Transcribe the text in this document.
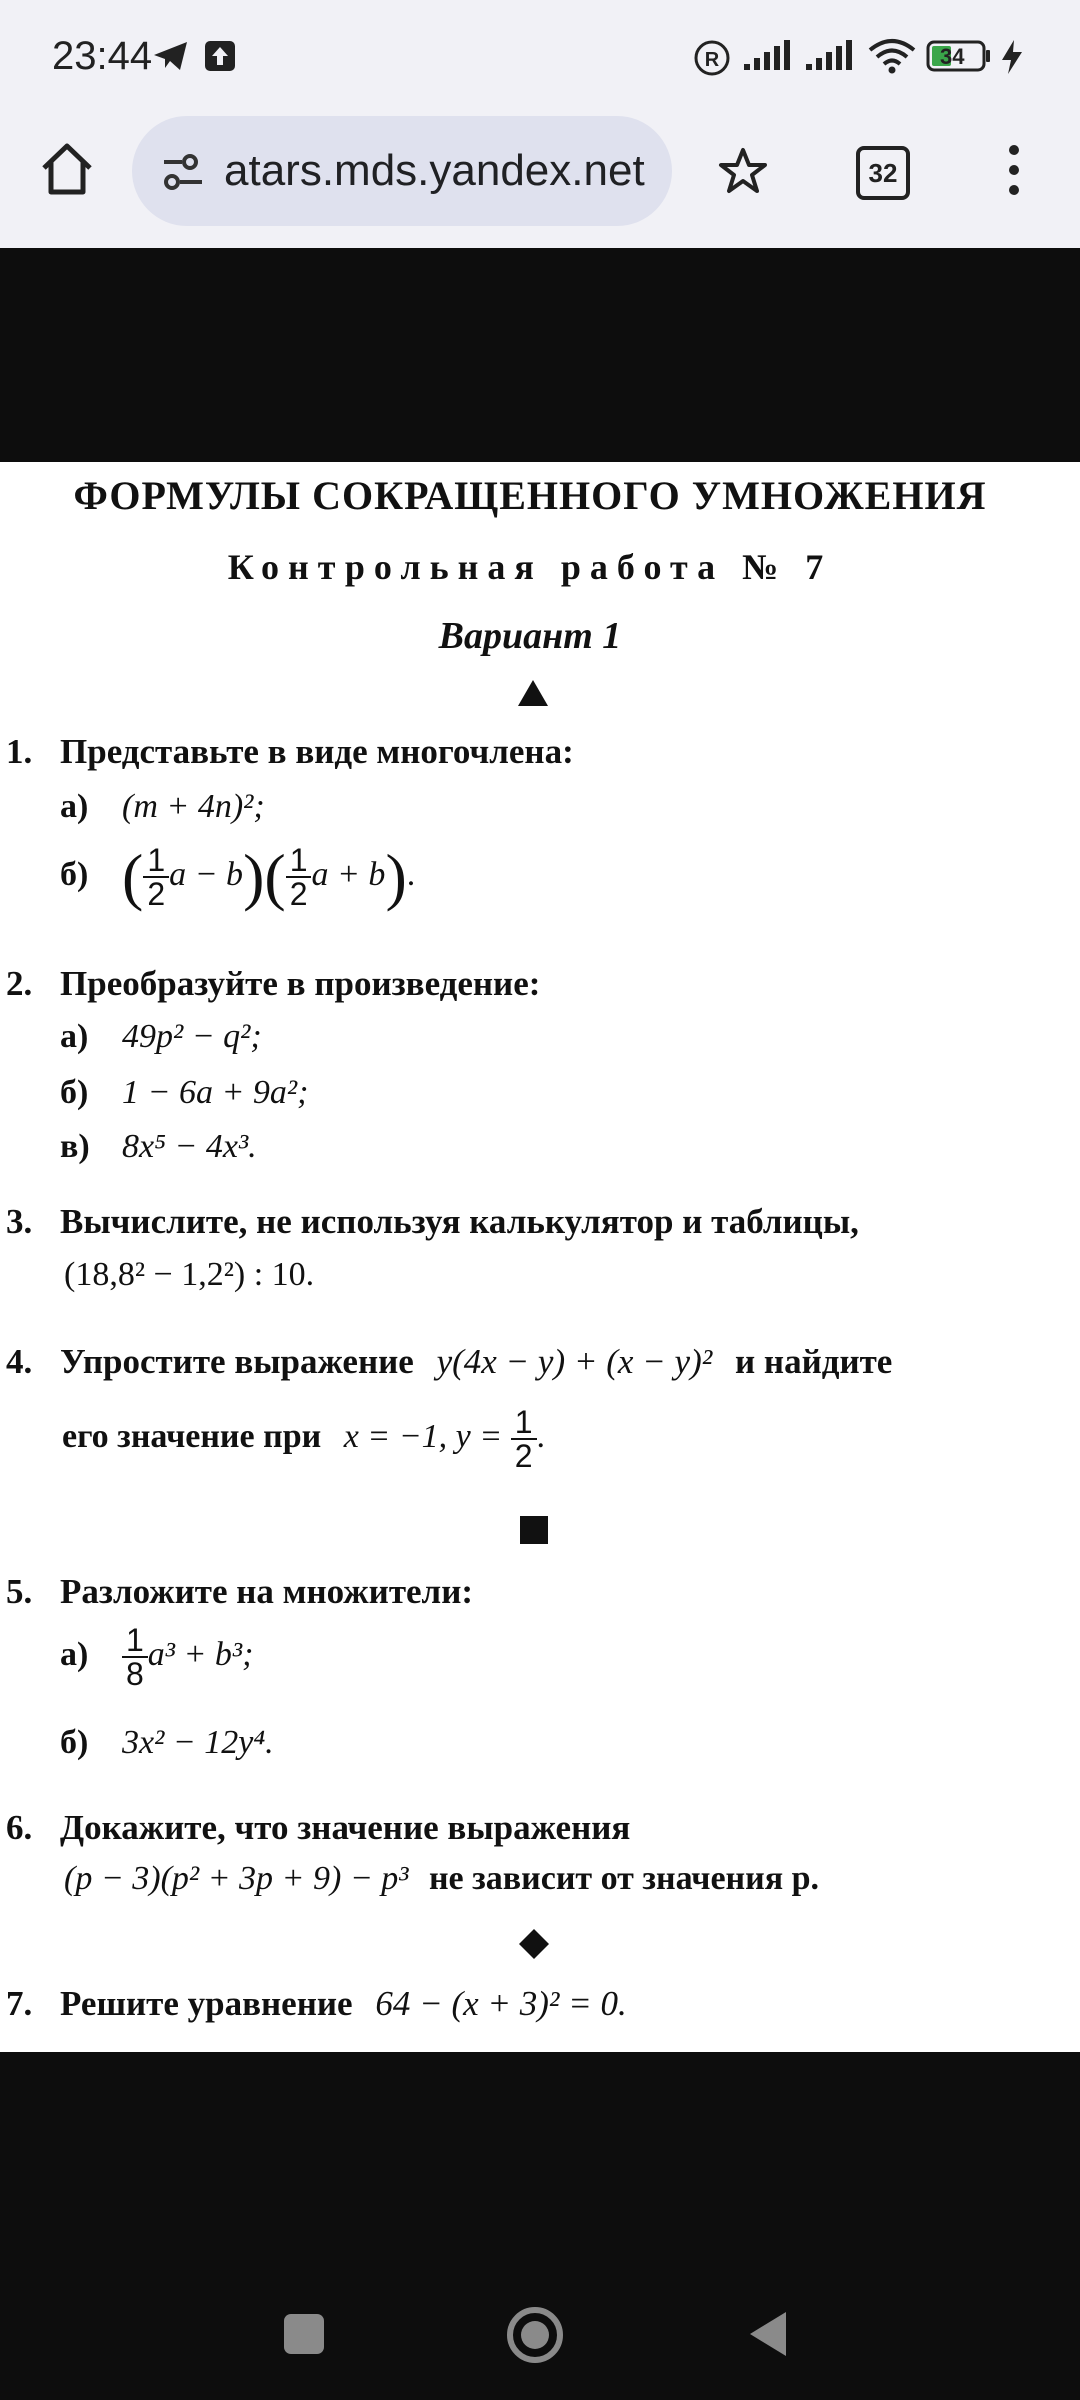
23:44	R	34
atars.mds.yandex.net	32
ФОРМУЛЫ СОКРАЩЕННОГО УМНОЖЕНИЯ
Контрольная работа № 7
Вариант 1
1. Представьте в виде многочлена:
а) (m + 4n)²;
б) ( $\frac{1}{2}$ $a - b)( \frac{1}{2}$ a + b).
2. Преобразуйте в произведение:
а) 49p² − q²;
б) 1 − 6a + 9a²;
в) 8x⁵ − 4x³.
3. Вычислите, не используя калькулятор и таблицы,
(18,8² − 1,2²) : 10.
4. Упростите выражение y(4x − y) + (x − y)² и найдите
его значение при x = −1, $y = \frac{1}{2}$ .
5. Разложите на множители:
$а) \frac{1}{8} a^3 + b^3$;
б) 3x² − 12y⁴.
6. Докажите, что значение выражения
(p − 3)(p² + 3p + 9) − p³ не зависит от значения p.
7. Решите уравнение 64 − (x + 3)² = 0.
